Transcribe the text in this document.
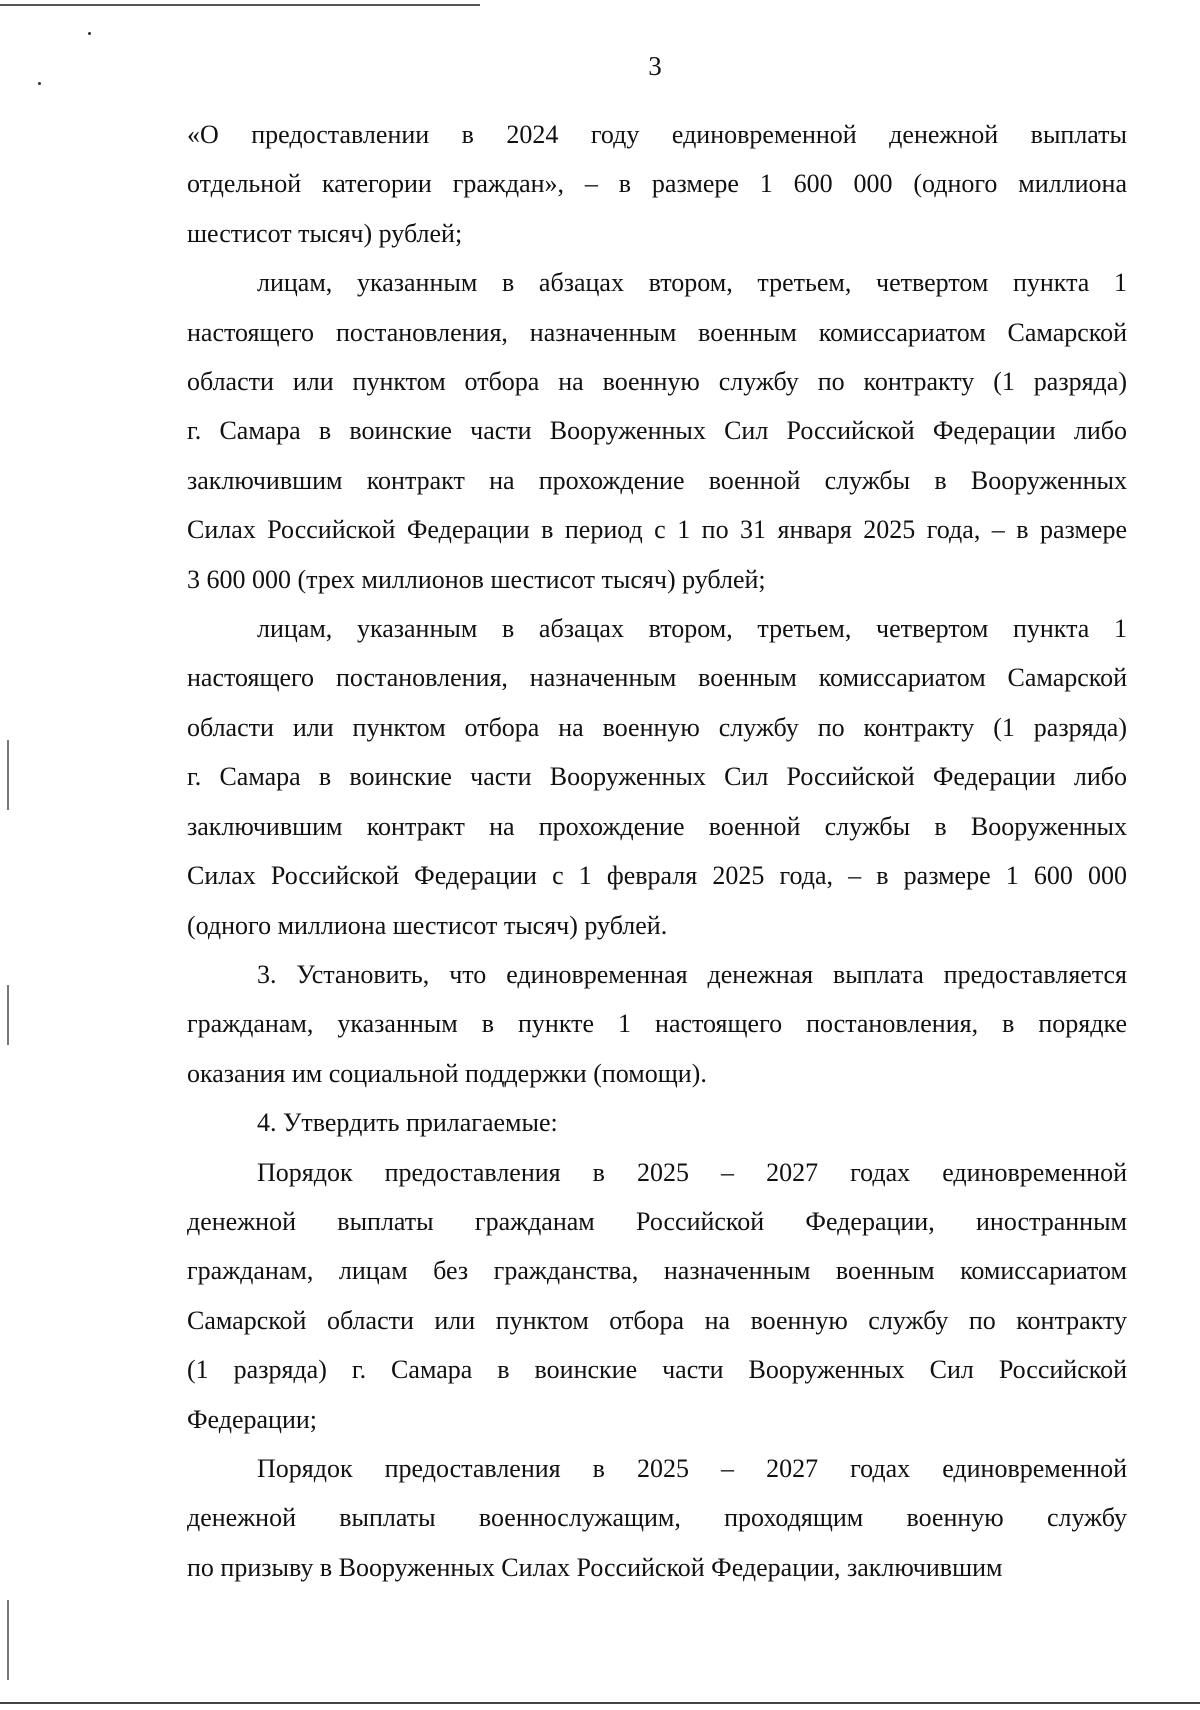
3

«О предоставлении в 2024 году единовременной денежной выплаты
отдельной категории граждан», – в размере 1 600 000 (одного миллиона
шестисот тысяч) рублей;

лицам, указанным в абзацах втором, третьем, четвертом пункта 1
настоящего постановления, назначенным военным комиссариатом Самарской
области или пунктом отбора на военную службу по контракту (1 разряда)
г. Самара в воинские части Вооруженных Сил Российской Федерации либо
заключившим контракт на прохождение военной службы в Вооруженных
Силах Российской Федерации в период с 1 по 31 января 2025 года, – в размере
3 600 000 (трех миллионов шестисот тысяч) рублей;

лицам, указанным в абзацах втором, третьем, четвертом пункта 1
настоящего постановления, назначенным военным комиссариатом Самарской
области или пунктом отбора на военную службу по контракту (1 разряда)
г. Самара в воинские части Вооруженных Сил Российской Федерации либо
заключившим контракт на прохождение военной службы в Вооруженных
Силах Российской Федерации с 1 февраля 2025 года, – в размере 1 600 000
(одного миллиона шестисот тысяч) рублей.

3. Установить, что единовременная денежная выплата предоставляется
гражданам, указанным в пункте 1 настоящего постановления, в порядке
оказания им социальной поддержки (помощи).

4. Утвердить прилагаемые:

Порядок предоставления в 2025 – 2027 годах единовременной
денежной выплаты гражданам Российской Федерации, иностранным
гражданам, лицам без гражданства, назначенным военным комиссариатом
Самарской области или пунктом отбора на военную службу по контракту
(1 разряда) г. Самара в воинские части Вооруженных Сил Российской
Федерации;

Порядок предоставления в 2025 – 2027 годах единовременной
денежной выплаты военнослужащим, проходящим военную службу
по призыву в Вооруженных Силах Российской Федерации, заключившим
